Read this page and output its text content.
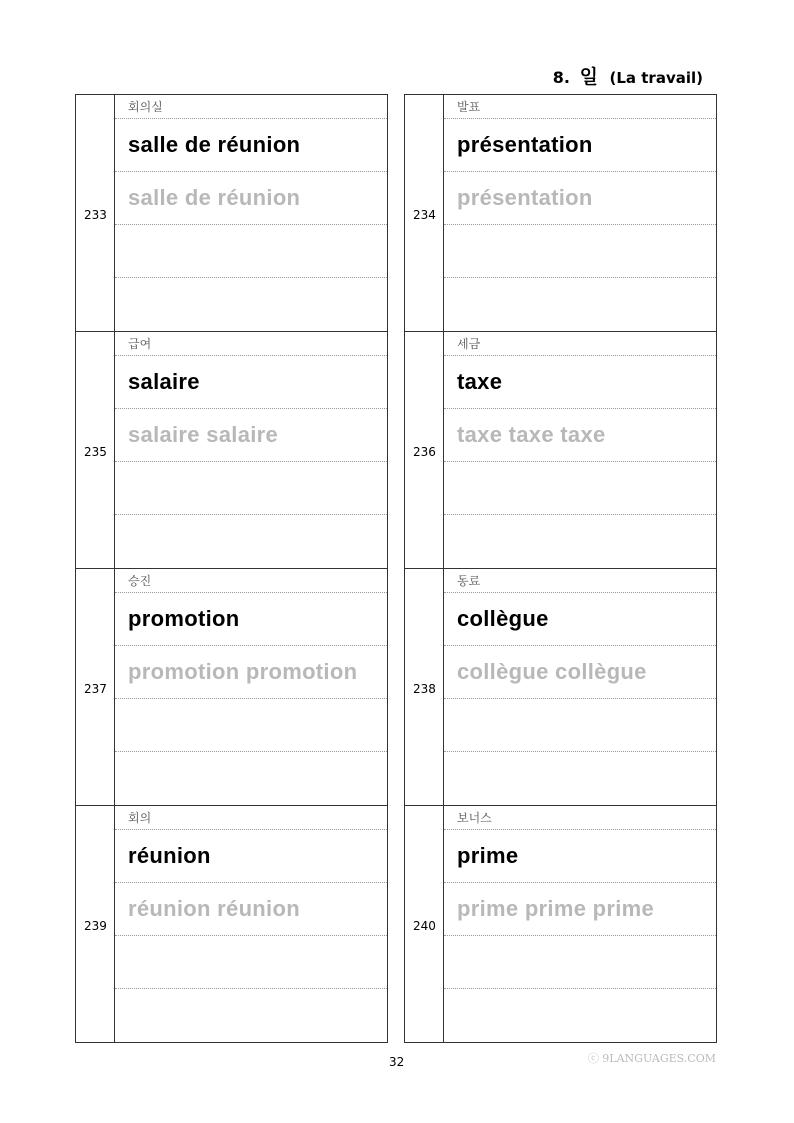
8. 일 (La travail)
233
회의실
salle de réunion
salle de réunion
235
급여
salaire
salaire salaire
237
승진
promotion
promotion promotion
239
회의
réunion
réunion réunion
234
발표
présentation
présentation
236
세금
taxe
taxe taxe taxe
238
동료
collègue
collègue collègue
240
보너스
prime
prime prime prime
32	ⓒ 9LANGUAGES.COM
